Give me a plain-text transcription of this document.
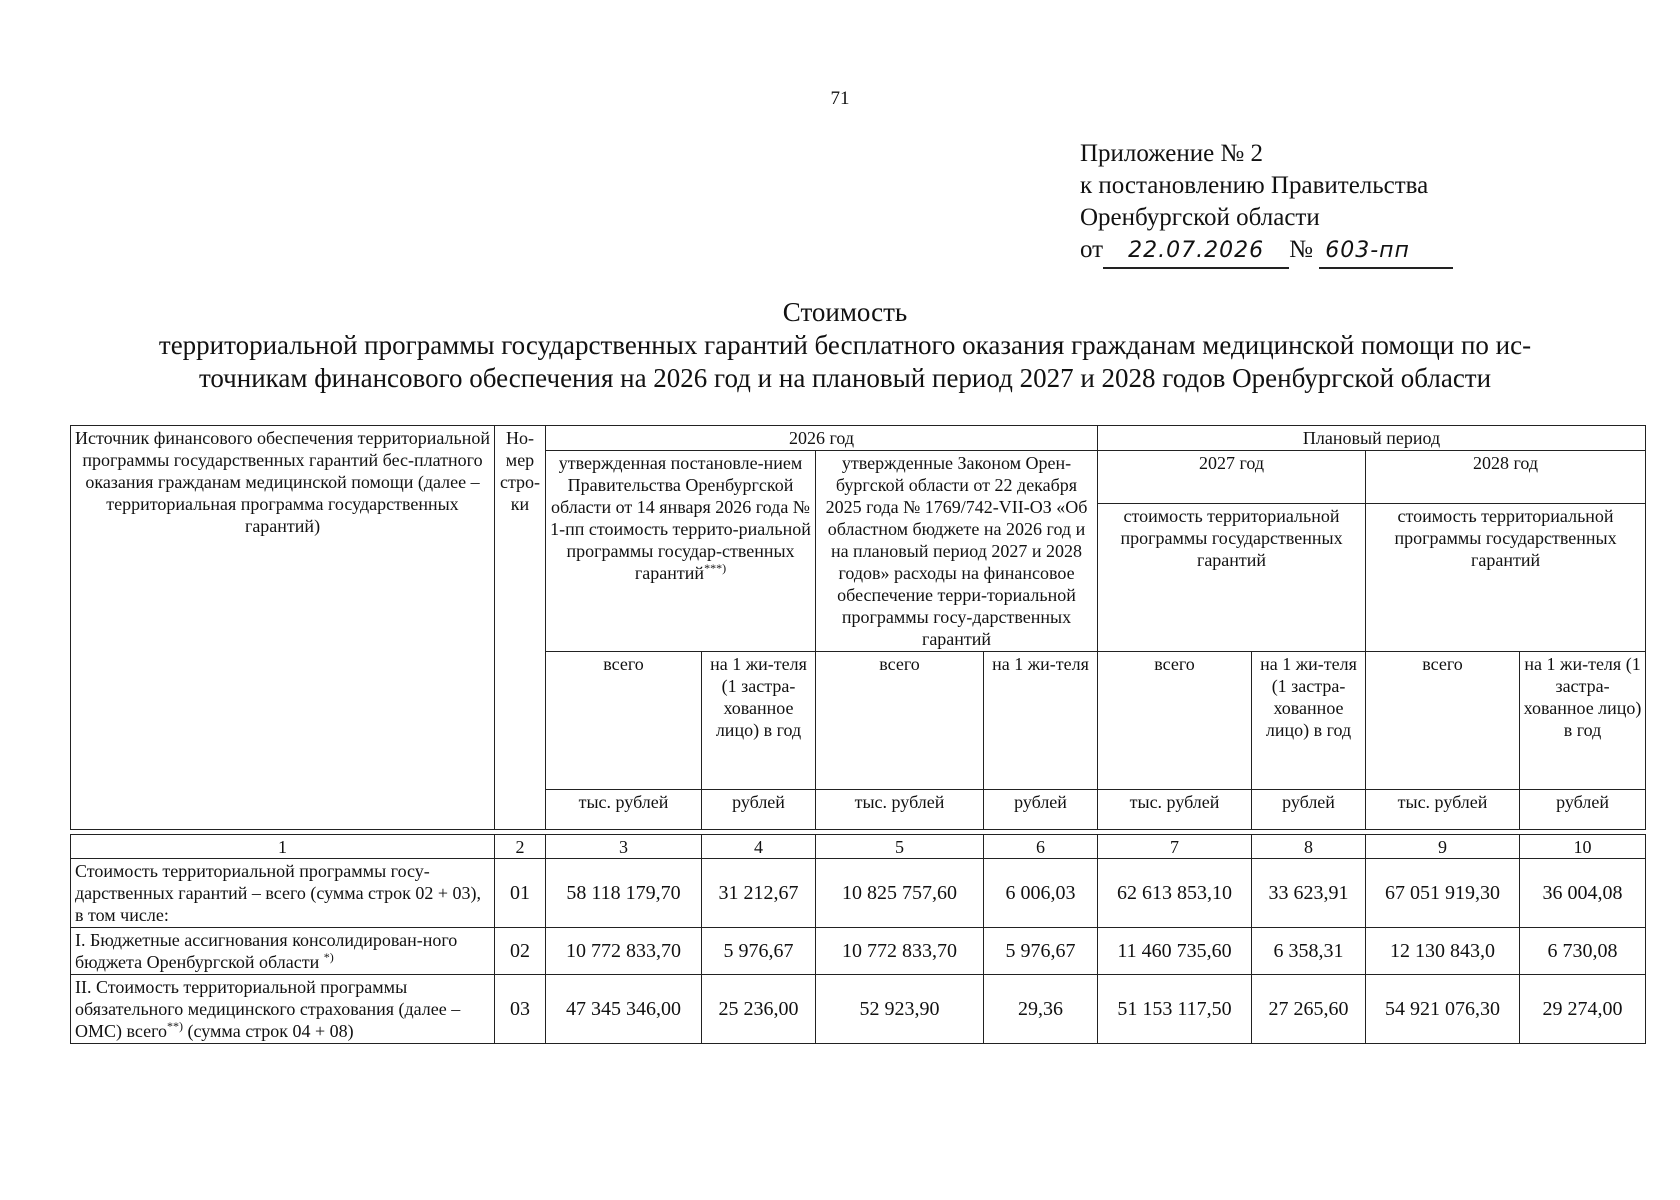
71
Приложение № 2
к постановлению Правительства
Оренбургской области
от 22.07.2026 № 603-пп
Стоимость
территориальной программы государственных гарантий бесплатного оказания гражданам медицинской помощи по ис-
точникам финансового обеспечения на 2026 год и на плановый период 2027 и 2028 годов Оренбургской области
Источник финансового обеспечения территориальной программы государственных гарантий бес-платного оказания гражданам медицинской помощи (далее – территориальная программа государственных гарантий)	Но-мер стро-ки	2026 год				Плановый период			
		утвержденная постановле-нием Правительства Оренбургской области от 14 января 2026 года № 1-пп стоимость террито-риальной программы государ-ственных гарантий***)		утвержденные Законом Орен-бургской области от 22 декабря 2025 года № 1769/742-VII-ОЗ «Об областном бюджете на 2026 год и на плановый период 2027 и 2028 годов» расходы на финансовое обеспечение терри-ториальной программы госу-дарственных гарантий		2027 год		2028 год	
						стоимость территориальной программы государственных гарантий		стоимость территориальной программы государственных гарантий	
		всего	на 1 жи-теля (1 застра-хованное лицо) в год	всего	на 1 жи-теля	всего	на 1 жи-теля (1 застра-хованное лицо) в год	всего	на 1 жи-теля (1 застра-хованное лицо) в год
		тыс. рублей	рублей	тыс. рублей	рублей	тыс. рублей	рублей	тыс. рублей	рублей

1	2	3	4	5	6	7	8	9	10
Стоимость территориальной программы госу-дарственных гарантий – всего (сумма строк 02 + 03), в том числе:	01	58 118 179,70	31 212,67	10 825 757,60	6 006,03	62 613 853,10	33 623,91	67 051 919,30	36 004,08
I. Бюджетные ассигнования консолидирован-ного бюджета Оренбургской области *)	02	10 772 833,70	5 976,67	10 772 833,70	5 976,67	11 460 735,60	6 358,31	12 130 843,0	6 730,08
II. Стоимость территориальной программы обязательного медицинского страхования (далее – ОМС) всего**) (сумма строк 04 + 08)	03	47 345 346,00	25 236,00	52 923,90	29,36	51 153 117,50	27 265,60	54 921 076,30	29 274,00
